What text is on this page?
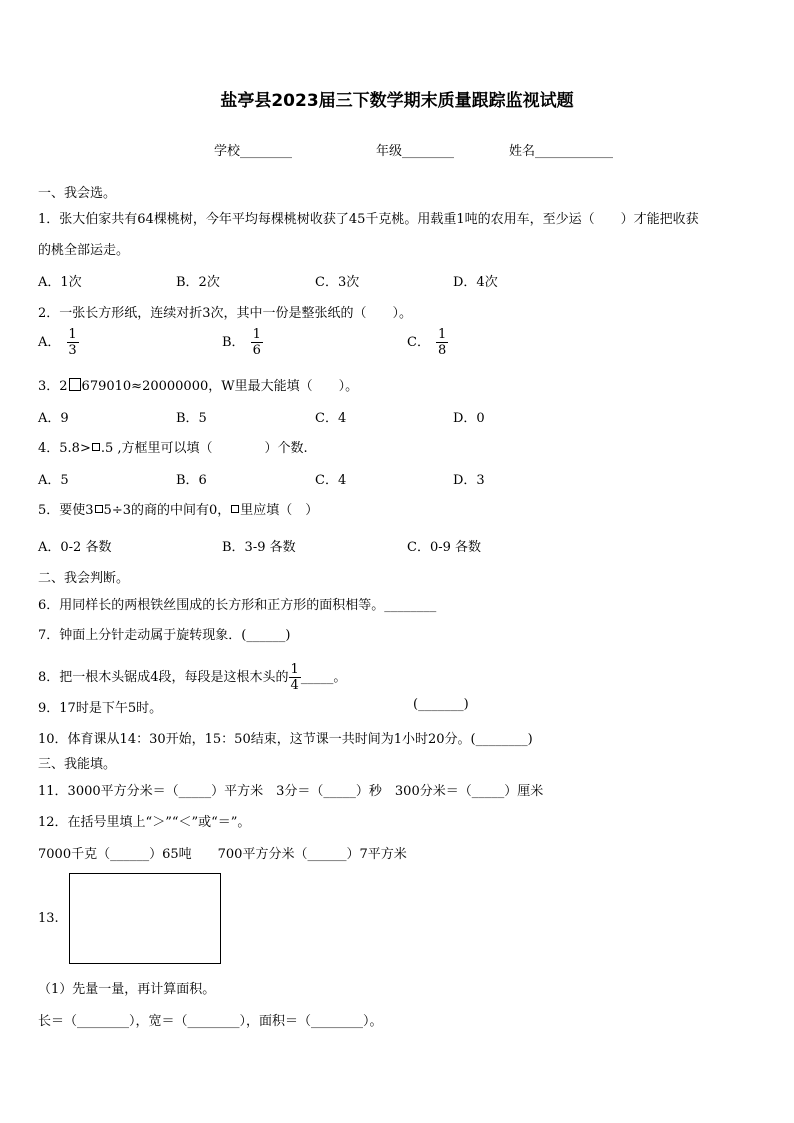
盐亭县2023届三下数学期末质量跟踪监视试题
学校________	年级________	姓名____________
一、我会选。
1．张大伯家共有64棵桃树，今年平均每棵桃树收获了45千克桃。用载重1吨的农用车，至少运（　　）才能把收获
的桃全部运走。
A．1次	B．2次	C．3次	D．4次
2．一张长方形纸，连续对折3次，其中一份是整张纸的（　　）。
A． $\frac{1}{3}$	B． $\frac{1}{6}$	C． $\frac{1}{8}$
3．2 679010≈20000000，W里最大能填（　　）。
A．9	B．5	C．4	D．0
4．5.8> .5 ,方框里可以填（　　　　）个数.
A．5	B．6	C．4	D．3
5．要使3 5÷3的商的中间有0， 里应填（　）
A．0-2 各数	B．3-9 各数	C．0-9 各数
二、我会判断。
6．用同样长的两根铁丝围成的长方形和正方形的面积相等。________
7．钟面上分针走动属于旋转现象．(______)
8．把一根木头锯成4段，每段是这根木头的 $\frac{1}{4}$ _____。
9．17时是下午5时。	(_______)
10．体育课从14：30开始，15：50结束，这节课一共时间为1小时20分。(________)
三、我能填。
11．3000平方分米＝（_____）平方米　3分＝（_____）秒　300分米＝（_____）厘米
12．在括号里填上“＞”“＜”或“＝”。
7000千克（______）65吨　　700平方分米（______）7平方米
13.
（1）先量一量，再计算面积。
长＝（________），宽＝（________），面积＝（________）。
